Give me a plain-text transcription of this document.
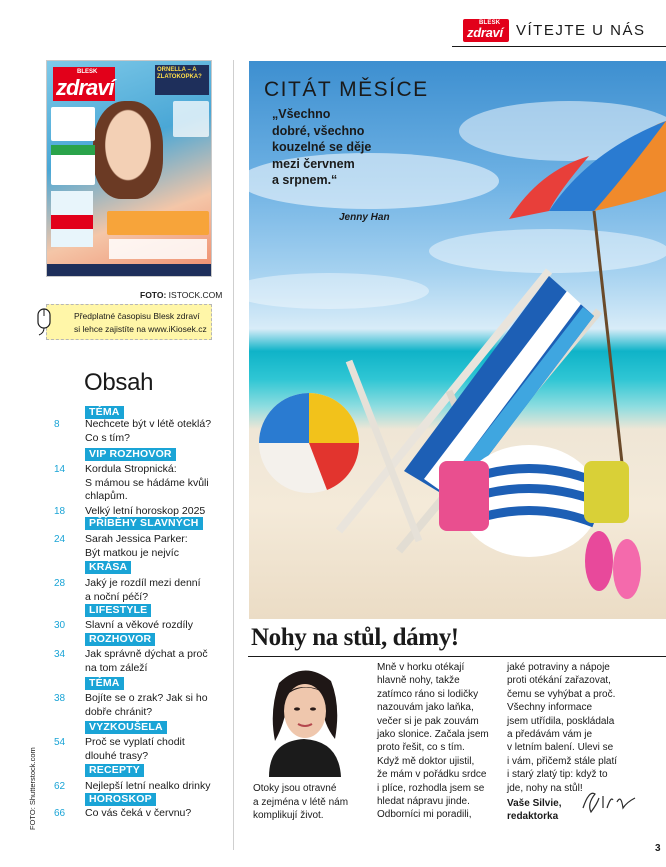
BLESK
zdraví VÍTEJTE U NÁS
BLESK
zdraví
ORNELLA – A ZLATOKOPKA?
FOTO: ISTOCK.COM
Předplatné časopisu Blesk zdraví
si lehce zajistíte na www.iKiosek.cz
Obsah
TÉMA
8 Nechcete být v létě oteklá?
Co s tím?
VIP ROZHOVOR
14 Kordula Stropnická:
S mámou se hádáme kvůli
chlapům.
18 Velký letní horoskop 2025
PŘÍBĚHY SLAVNÝCH
24 Sarah Jessica Parker:
Být matkou je nejvíc
KRÁSA
28 Jaký je rozdíl mezi denní
a noční péčí?
LIFESTYLE
30 Slavní a věkové rozdíly
ROZHOVOR
34 Jak správně dýchat a proč
na tom záleží
TÉMA
38 Bojíte se o zrak? Jak si ho
dobře chránit?
VYZKOUŠELA
54 Proč se vyplatí chodit
dlouhé trasy?
RECEPTY
62 Nejlepší letní nealko drinky
HOROSKOP
66 Co vás čeká v červnu?
FOTO: Shutterstock.com
CITÁT MĚSÍCE
„Všechno
dobré, všechno
kouzelné se děje
mezi červnem
a srpnem.“
Jenny Han
Nohy na stůl, dámy!
Otoky jsou otravné
a zejména v létě nám
komplikují život.
Mně v horku otékají
hlavně nohy, takže
zatímco ráno si lodičky
nazouvám jako laňka,
večer si je pak zouvám
jako slonice. Začala jsem
proto řešit, co s tím.
Když mě doktor ujistil,
že mám v pořádku srdce
i plíce, rozhodla jsem se
hledat nápravu jinde.
Odborníci mi poradili,
jaké potraviny a nápoje
proti otékání zařazovat,
čemu se vyhýbat a proč.
Všechny informace
jsem utřídila, poskládala
a předávám vám je
v letním balení. Ulevi se
i vám, přičemž stále platí
i starý zlatý tip: když to
jde, nohy na stůl!
Vaše Silvie,
redaktorka
3
